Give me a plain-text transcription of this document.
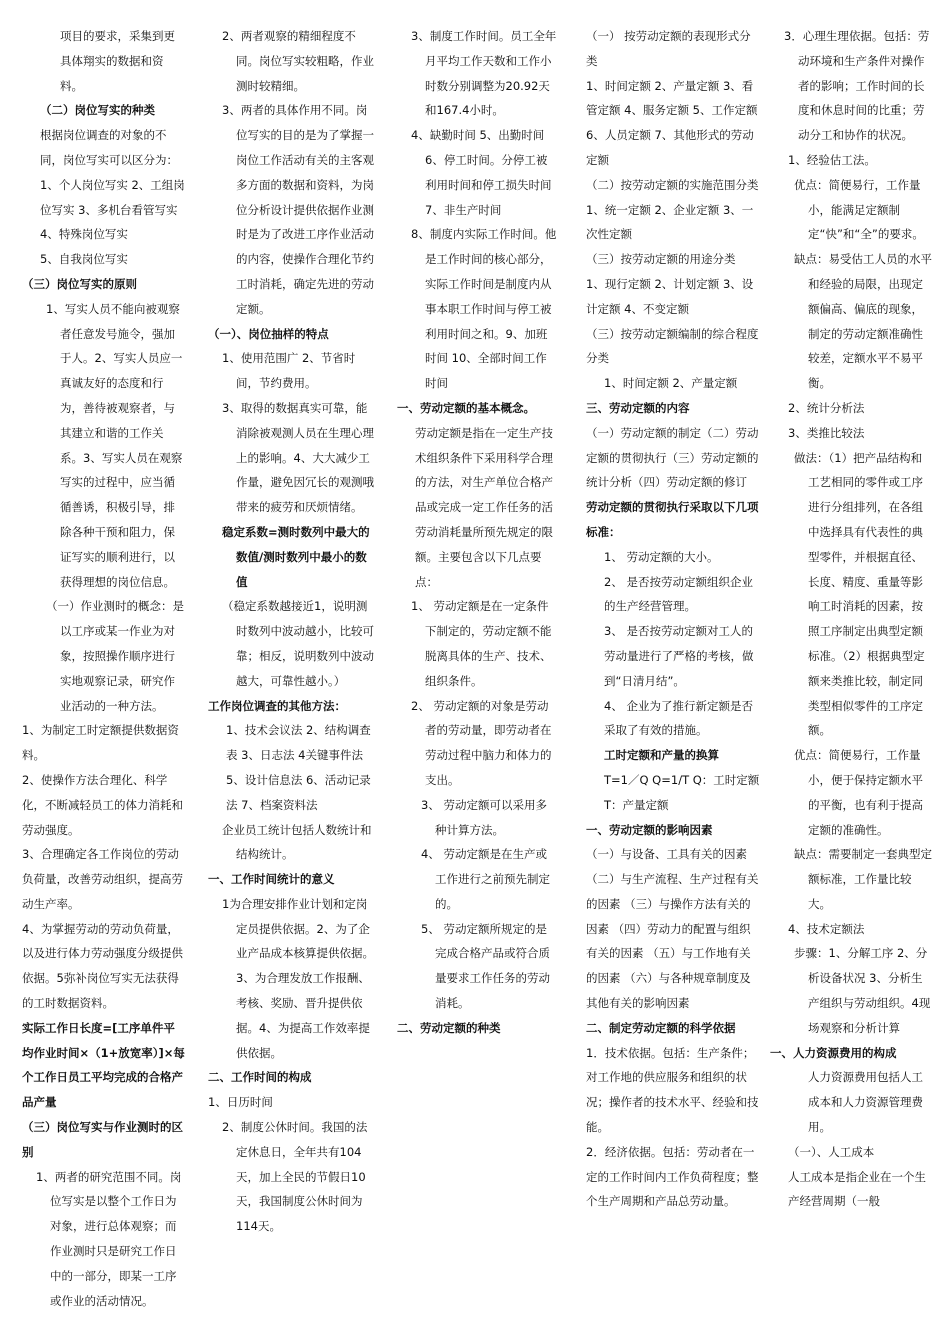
项目的要求，采集到更具体翔实的数据和资料。

（二）岗位写实的种类

根据岗位调查的对象的不同，岗位写实可以区分为：

1、个人岗位写实 2、工组岗位写实 3、多机台看管写实 4、特殊岗位写实

5、自我岗位写实

（三）岗位写实的原则

1、写实人员不能向被观察者任意发号施令，强加于人。2、写实人员应一真诚友好的态度和行为，善待被观察者，与其建立和谐的工作关系。3、写实人员在观察写实的过程中，应当循循善诱，积极引导，排除各种干预和阻力，保证写实的顺利进行，以获得理想的岗位信息。

（一）作业测时的概念：是以工序或某一作业为对象，按照操作顺序进行实地观察记录，研究作业活动的一种方法。

1、为制定工时定额提供数据资料。

2、使操作方法合理化、科学化，不断减轻员工的体力消耗和劳动强度。

3、合理确定各工作岗位的劳动负荷量，改善劳动组织，提高劳动生产率。

4、为掌握劳动的劳动负荷量，以及进行体力劳动强度分级提供依据。5弥补岗位写实无法获得的工时数据资料。

实际工作日长度=[工序单件平均作业时间×（1+放宽率）]×每个工作日员工平均完成的合格产品产量

（三）岗位写实与作业测时的区别

1、两者的研究范围不同。岗位写实是以整个工作日为对象，进行总体观察；而作业测时只是研究工作日中的一部分，即某一工序或作业的活动情况。

2、两者观察的精细程度不同。岗位写实较粗略，作业测时较精细。

3、两者的具体作用不同。岗位写实的目的是为了掌握一岗位工作活动有关的主客观多方面的数据和资料，为岗位分析设计提供依据作业测时是为了改进工序作业活动的内容，使操作合理化节约工时消耗，确定先进的劳动定额。

（一）、岗位抽样的特点

1、使用范围广 2、节省时间，节约费用。

3、取得的数据真实可靠，能消除被观测人员在生理心理上的影响。4、大大减少工作量，避免因冗长的观测哦带来的疲劳和厌烦情绪。

稳定系数=测时数列中最大的数值/测时数列中最小的数值

（稳定系数越接近1，说明测时数列中波动越小，比较可靠；相反，说明数列中波动越大，可靠性越小。）

工作岗位调查的其他方法：

1、技术会议法 2、结构调查表 3、日志法 4关键事件法 5、设计信息法 6、活动记录法 7、档案资料法

企业员工统计包括人数统计和结构统计。

一、工作时间统计的意义

1为合理安排作业计划和定岗定员提供依据。2、为了企业产品成本核算提供依据。3、为合理发放工作报酬、考核、奖励、晋升提供依据。4、为提高工作效率提供依据。

二、工作时间的构成

1、日历时间

2、制度公休时间。我国的法定休息日，全年共有104天，加上全民的节假日10天，我国制度公休时间为114天。

3、制度工作时间。员工全年月平均工作天数和工作小时数分别调整为20.92天和167.4小时。

4、缺勤时间 5、出勤时间 6、停工时间。分停工被利用时间和停工损失时间 7、非生产时间

8、制度内实际工作时间。他是工作时间的核心部分，实际工作时间是制度内从事本职工作时间与停工被利用时间之和。9、加班时间 10、全部时间工作时间

一、劳动定额的基本概念。

劳动定额是指在一定生产技术组织条件下采用科学合理的方法，对生产单位合格产品或完成一定工作任务的活劳动消耗量所预先规定的限额。主要包含以下几点要点：

1、 劳动定额是在一定条件下制定的，劳动定额不能脱离具体的生产、技术、组织条件。

2、 劳动定额的对象是劳动者的劳动量，即劳动者在劳动过程中脑力和体力的支出。

3、 劳动定额可以采用多种计算方法。

4、 劳动定额是在生产或工作进行之前预先制定的。

5、 劳动定额所规定的是完成合格产品或符合质量要求工作任务的劳动消耗。

二、劳动定额的种类

（一） 按劳动定额的表现形式分类

1、时间定额 2、产量定额 3、看管定额 4、服务定额 5、工作定额 6、人员定额 7、其他形式的劳动定额

（二）按劳动定额的实施范围分类

1、统一定额 2、企业定额 3、一次性定额

（三）按劳动定额的用途分类

1、现行定额 2、计划定额 3、设计定额 4、不变定额

（三）按劳动定额编制的综合程度分类

1、时间定额 2、产量定额

三、劳动定额的内容

（一）劳动定额的制定（二）劳动定额的贯彻执行（三）劳动定额的统计分析（四）劳动定额的修订

劳动定额的贯彻执行采取以下几项标准：

1、 劳动定额的大小。

2、 是否按劳动定额组织企业的生产经营管理。

3、 是否按劳动定额对工人的劳动量进行了严格的考核，做到“日清月结”。

4、 企业为了推行新定额是否采取了有效的措施。

工时定额和产量的换算

T=1／Q Q=1/T Q：工时定额 T：产量定额

一、劳动定额的影响因素

（一）与设备、工具有关的因素 （二）与生产流程、生产过程有关的因素 （三）与操作方法有关的因素 （四）劳动力的配置与组织有关的因素 （五）与工作地有关的因素 （六）与各种规章制度及其他有关的影响因素

二、制定劳动定额的科学依据

1．技术依据。包括：生产条件；对工作地的供应服务和组织的状况；操作者的技术水平、经验和技能。

2．经济依据。包括：劳动者在一定的工作时间内工作负荷程度；整个生产周期和产品总劳动量。

3．心理生理依据。包括：劳动环境和生产条件对操作者的影响；工作时间的长度和休息时间的比重；劳动分工和协作的状况。

1、经验估工法。

优点：简便易行，工作量小，能满足定额制定“快”和“全”的要求。

缺点：易受估工人员的水平和经验的局限，出现定额偏高、偏底的现象，制定的劳动定额准确性较差，定额水平不易平衡。

2、统计分析法

3、类推比较法

做法：（1）把产品结构和工艺相同的零件或工序进行分组排列，在各组中选择具有代表性的典型零件，并根据直径、长度、精度、重量等影响工时消耗的因素，按照工序制定出典型定额标准。（2）根据典型定额来类推比较，制定同类型相似零件的工序定额。

优点：简便易行，工作量小，便于保持定额水平的平衡，也有利于提高定额的准确性。

缺点：需要制定一套典型定额标准，工作量比较大。

4、技术定额法

步骤：1、分解工序 2、分析设备状况 3、分析生产组织与劳动组织。4现场观察和分析计算

一、人力资源费用的构成

人力资源费用包括人工成本和人力资源管理费用。

（一）、人工成本

人工成本是指企业在一个生产经营周期（一般
